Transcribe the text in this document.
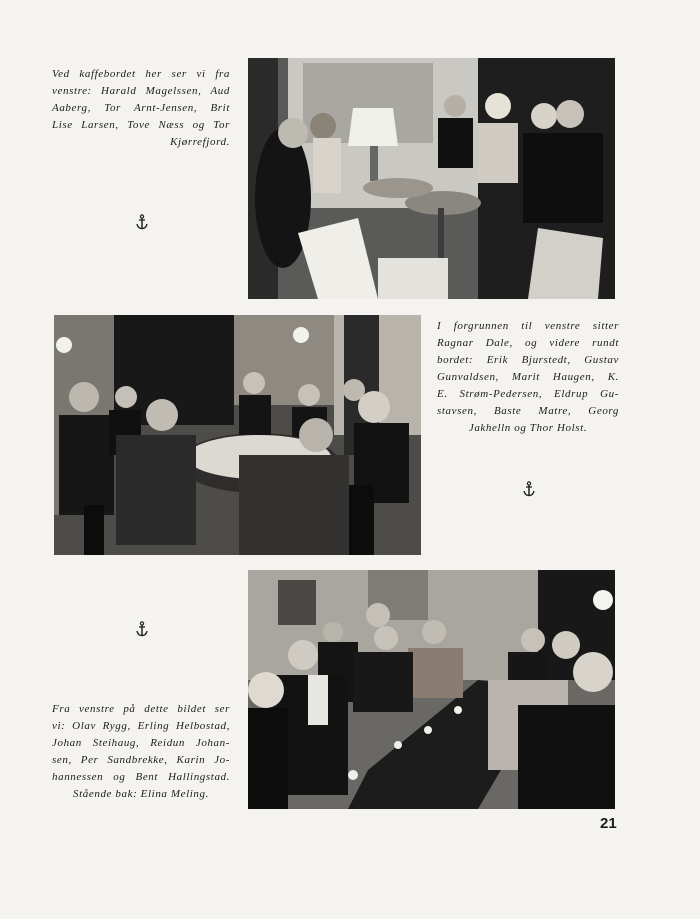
Ved kaffebordet her ser vi fra
venstre: Harald Magelssen, Aud
Aaberg, Tor Arnt-Jensen, Brit
Lise Larsen, Tove Næss og Tor
Kjørrefjord.
I forgrunnen til venstre sitter
Ragnar Dale, og videre rundt
bordet: Erik Bjurstedt, Gustav
Gunvaldsen, Marit Haugen, K.
E. Strøm-Pedersen, Eldrup Gu-
stavsen, Baste Matre, Georg
Jakhelln og Thor Holst.
Fra venstre på dette bildet ser
vi: Olav Rygg, Erling Helbostad,
Johan Steihaug, Reidun Johan-
sen, Per Sandbrekke, Karin Jo-
hannessen og Bent Hallingstad.
Stående bak: Elina Meling.
21
